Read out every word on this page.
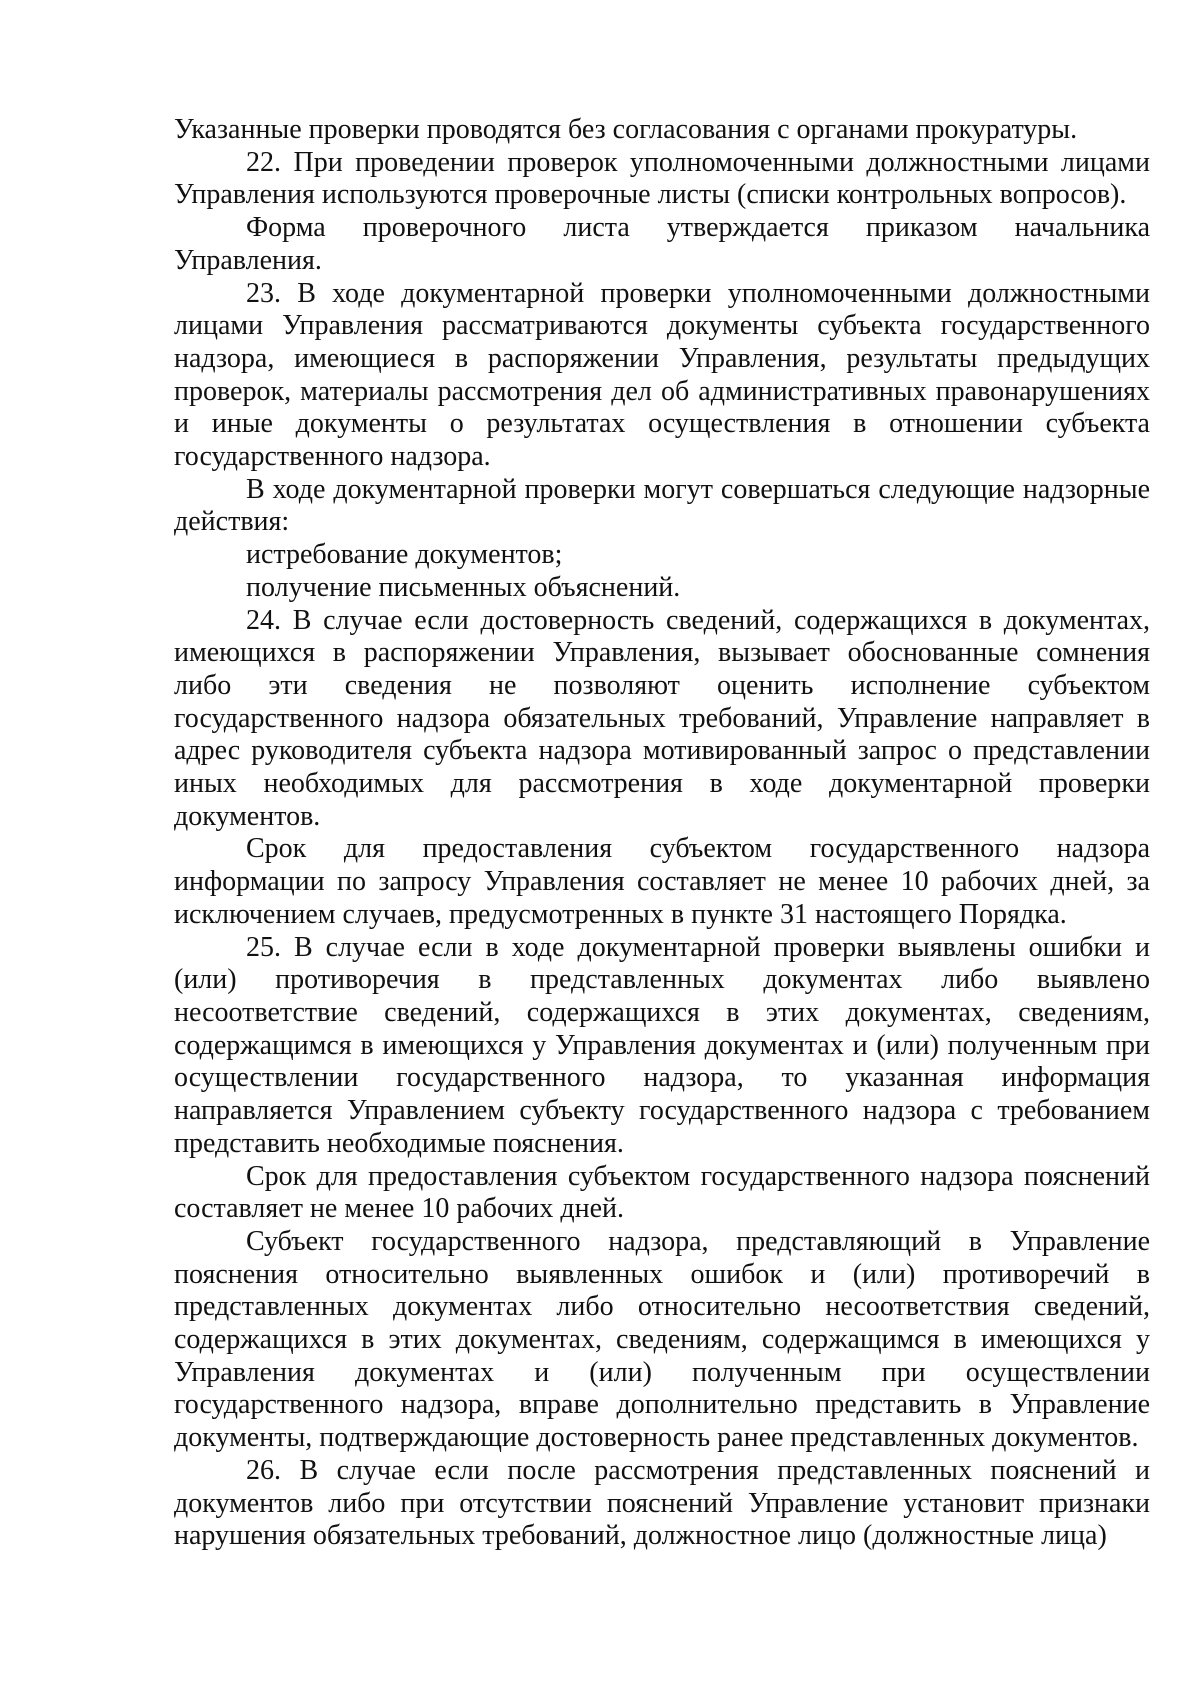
Указанные проверки проводятся без согласования с органами прокуратуры.

22. При проведении проверок уполномоченными должностными лицами Управления используются проверочные листы (списки контрольных вопросов).

Форма проверочного листа утверждается приказом начальника Управления.

23. В ходе документарной проверки уполномоченными должностными лицами Управления рассматриваются документы субъекта государственного надзора, имеющиеся в распоряжении Управления, результаты предыдущих проверок, материалы рассмотрения дел об административных правонарушениях и иные документы о результатах осуществления в отношении субъекта государственного надзора.

В ходе документарной проверки могут совершаться следующие надзорные действия:

истребование документов;

получение письменных объяснений.

24. В случае если достоверность сведений, содержащихся в документах, имеющихся в распоряжении Управления, вызывает обоснованные сомнения либо эти сведения не позволяют оценить исполнение субъектом государственного надзора обязательных требований, Управление направляет в адрес руководителя субъекта надзора мотивированный запрос о представлении иных необходимых для рассмотрения в ходе документарной проверки документов.

Срок для предоставления субъектом государственного надзора информации по запросу Управления составляет не менее 10 рабочих дней, за исключением случаев, предусмотренных в пункте 31 настоящего Порядка.

25. В случае если в ходе документарной проверки выявлены ошибки и (или) противоречия в представленных документах либо выявлено несоответствие сведений, содержащихся в этих документах, сведениям, содержащимся в имеющихся у Управления документах и (или) полученным при осуществлении государственного надзора, то указанная информация направляется Управлением субъекту государственного надзора с требованием представить необходимые пояснения.

Срок для предоставления субъектом государственного надзора пояснений составляет не менее 10 рабочих дней.

Субъект государственного надзора, представляющий в Управление пояснения относительно выявленных ошибок и (или) противоречий в представленных документах либо относительно несоответствия сведений, содержащихся в этих документах, сведениям, содержащимся в имеющихся у Управления документах и (или) полученным при осуществлении государственного надзора, вправе дополнительно представить в Управление документы, подтверждающие достоверность ранее представленных документов.

26. В случае если после рассмотрения представленных пояснений и документов либо при отсутствии пояснений Управление установит признаки нарушения обязательных требований, должностное лицо (должностные лица)
